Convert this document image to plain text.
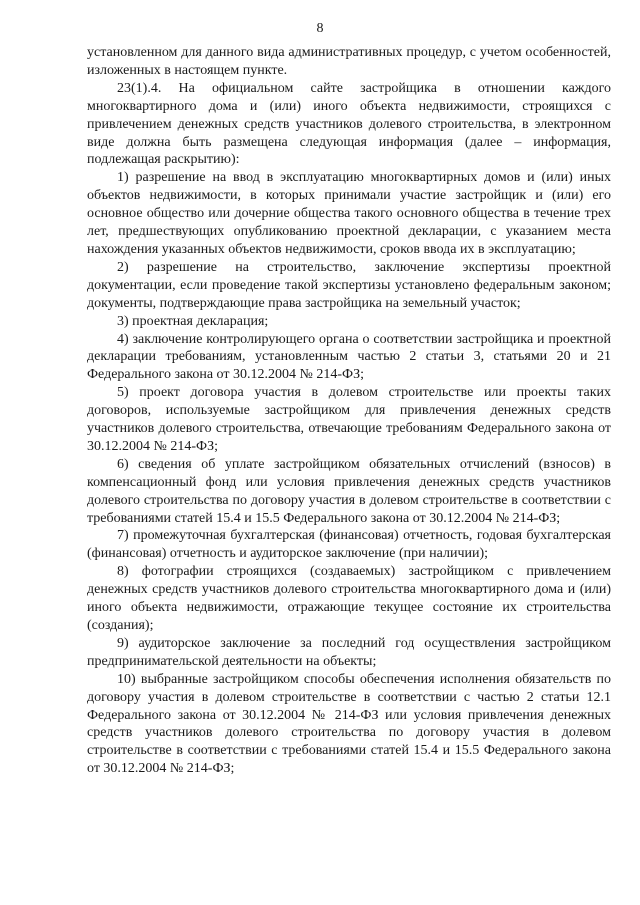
8

установленном для данного вида административных процедур, с учетом особенностей, изложенных в настоящем пункте.

23(1).4. На официальном сайте застройщика в отношении каждого многоквартирного дома и (или) иного объекта недвижимости, строящихся с привлечением денежных средств участников долевого строительства, в электронном виде должна быть размещена следующая информация (далее – информация, подлежащая раскрытию):

1) разрешение на ввод в эксплуатацию многоквартирных домов и (или) иных объектов недвижимости, в которых принимали участие застройщик и (или) его основное общество или дочерние общества такого основного общества в течение трех лет, предшествующих опубликованию проектной декларации, с указанием места нахождения указанных объектов недвижимости, сроков ввода их в эксплуатацию;

2) разрешение на строительство, заключение экспертизы проектной документации, если проведение такой экспертизы установлено федеральным законом; документы, подтверждающие права застройщика на земельный участок;

3) проектная декларация;

4) заключение контролирующего органа о соответствии застройщика и проектной декларации требованиям, установленным частью 2 статьи 3, статьями 20 и 21 Федерального закона от 30.12.2004 № 214-ФЗ;

5) проект договора участия в долевом строительстве или проекты таких договоров, используемые застройщиком для привлечения денежных средств участников долевого строительства, отвечающие требованиям Федерального закона от 30.12.2004 № 214-ФЗ;

6) сведения об уплате застройщиком обязательных отчислений (взносов) в компенсационный фонд или условия привлечения денежных средств участников долевого строительства по договору участия в долевом строительстве в соответствии с требованиями статей 15.4 и 15.5 Федерального закона от 30.12.2004 № 214-ФЗ;

7) промежуточная бухгалтерская (финансовая) отчетность, годовая бухгалтерская (финансовая) отчетность и аудиторское заключение (при наличии);

8) фотографии строящихся (создаваемых) застройщиком с привлечением денежных средств участников долевого строительства многоквартирного дома и (или) иного объекта недвижимости, отражающие текущее состояние их строительства (создания);

9) аудиторское заключение за последний год осуществления застройщиком предпринимательской деятельности на объекты;

10) выбранные застройщиком способы обеспечения исполнения обязательств по договору участия в долевом строительстве в соответствии с частью 2 статьи 12.1 Федерального закона от 30.12.2004 № 214-ФЗ или условия привлечения денежных средств участников долевого строительства по договору участия в долевом строительстве в соответствии с требованиями статей 15.4 и 15.5 Федерального закона от 30.12.2004 № 214-ФЗ;
